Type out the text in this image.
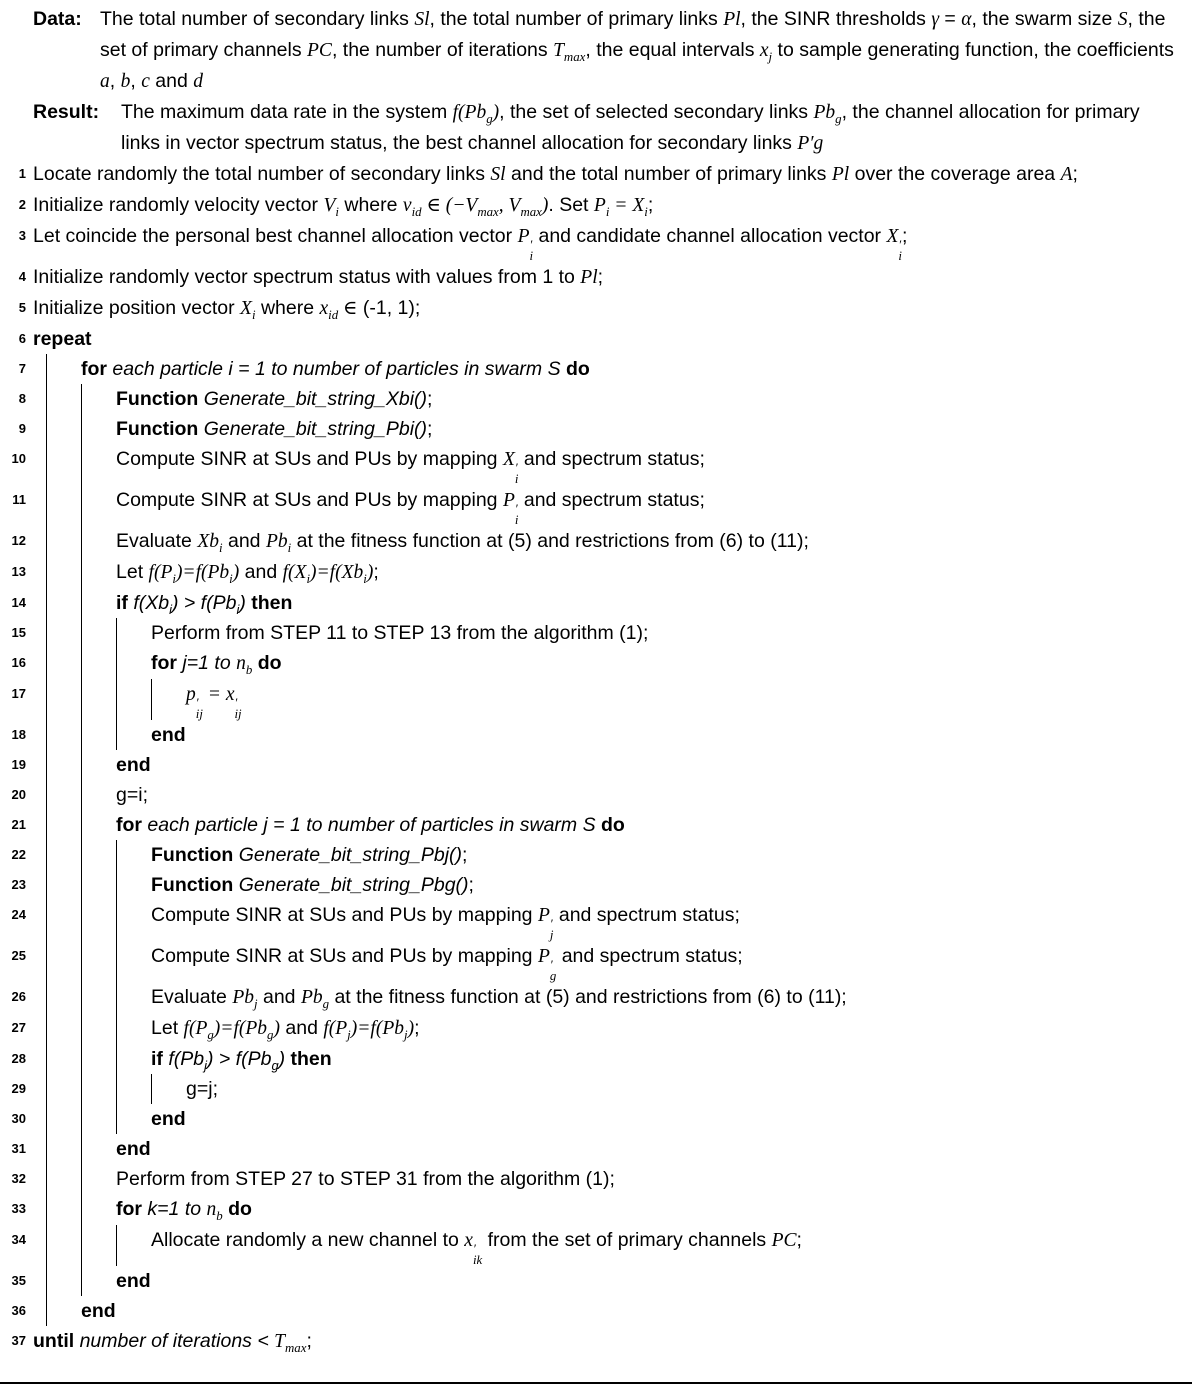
Data: The total number of secondary links Sl, the total number of primary links Pl, the SINR thresholds γ = α, the swarm size S, the set of primary channels PC, the number of iterations $T_{max}$, the equal intervals $x_j$ to sample generating function, the coefficients a, b, c and d
Result:	The maximum data rate in the system $f(Pb_g)$, the set of selected secondary links $Pb_g$, the channel allocation for primary links in vector spectrum status, the best channel allocation for secondary links P′g
1 Locate randomly the total number of secondary links Sl and the total number of primary links Pl over the coverage area A;
2 Initialize randomly velocity vector $V_i$ where $v_{id}$ ∈ ($-V_{max}$, $V_{max}$). Set $P_i = X_i$;
3 Let coincide the personal best channel allocation vector P ′
i
and candidate channel allocation vector X ′
i
;
4 Initialize randomly vector spectrum status with values from 1 to Pl;
5 Initialize position vector $X_i$ where $x_{id}$ ∈ (-1, 1);
6 repeat
7	for each particle i = 1 to number of particles in swarm S do
8	Function Generate_bit_string_Xbi();
9	Function Generate_bit_string_Pbi();
10	Compute SINR at SUs and PUs by mapping X ′
i
and spectrum status;
11	Compute SINR at SUs and PUs by mapping P ′
i
and spectrum status;
12	Evaluate $Xb_i$ and $Pb_i$ at the fitness function at (5) and restrictions from (6) to (11);
13	Let $f(P_i)=f(Pb_i)$ and $f(X_i)=f(Xb_i)$;
14	if $f(Xb_i) > f(Pb_i)$ then
15	Perform from STEP 11 to STEP 13 from the algorithm (1);
16	for j=1 to $n_b$ do
17	p ′
ij
= x ′
ij
18	end
19	end
20	g=i;
21	for each particle j = 1 to number of particles in swarm S do
22	Function Generate_bit_string_Pbj();
23	Function Generate_bit_string_Pbg();
24	Compute SINR at SUs and PUs by mapping P ′
j
and spectrum status;
25	Compute SINR at SUs and PUs by mapping P ′
g
and spectrum status;
26	Evaluate $Pb_j$ and $Pb_g$ at the fitness function at (5) and restrictions from (6) to (11);
27	Let $f(P_g)=f(Pb_g)$ and $f(P_j)=f(Pb_j)$;
28	if $f(Pb_j) > f(Pb_g)$ then
29	g=j;
30	end
31	end
32	Perform from STEP 27 to STEP 31 from the algorithm (1);
33	for k=1 to $n_b$ do
34	Allocate randomly a new channel to x ′
ik
from the set of primary channels PC;
35	end
36	end
37 until number of iterations < $T_{max}$;
